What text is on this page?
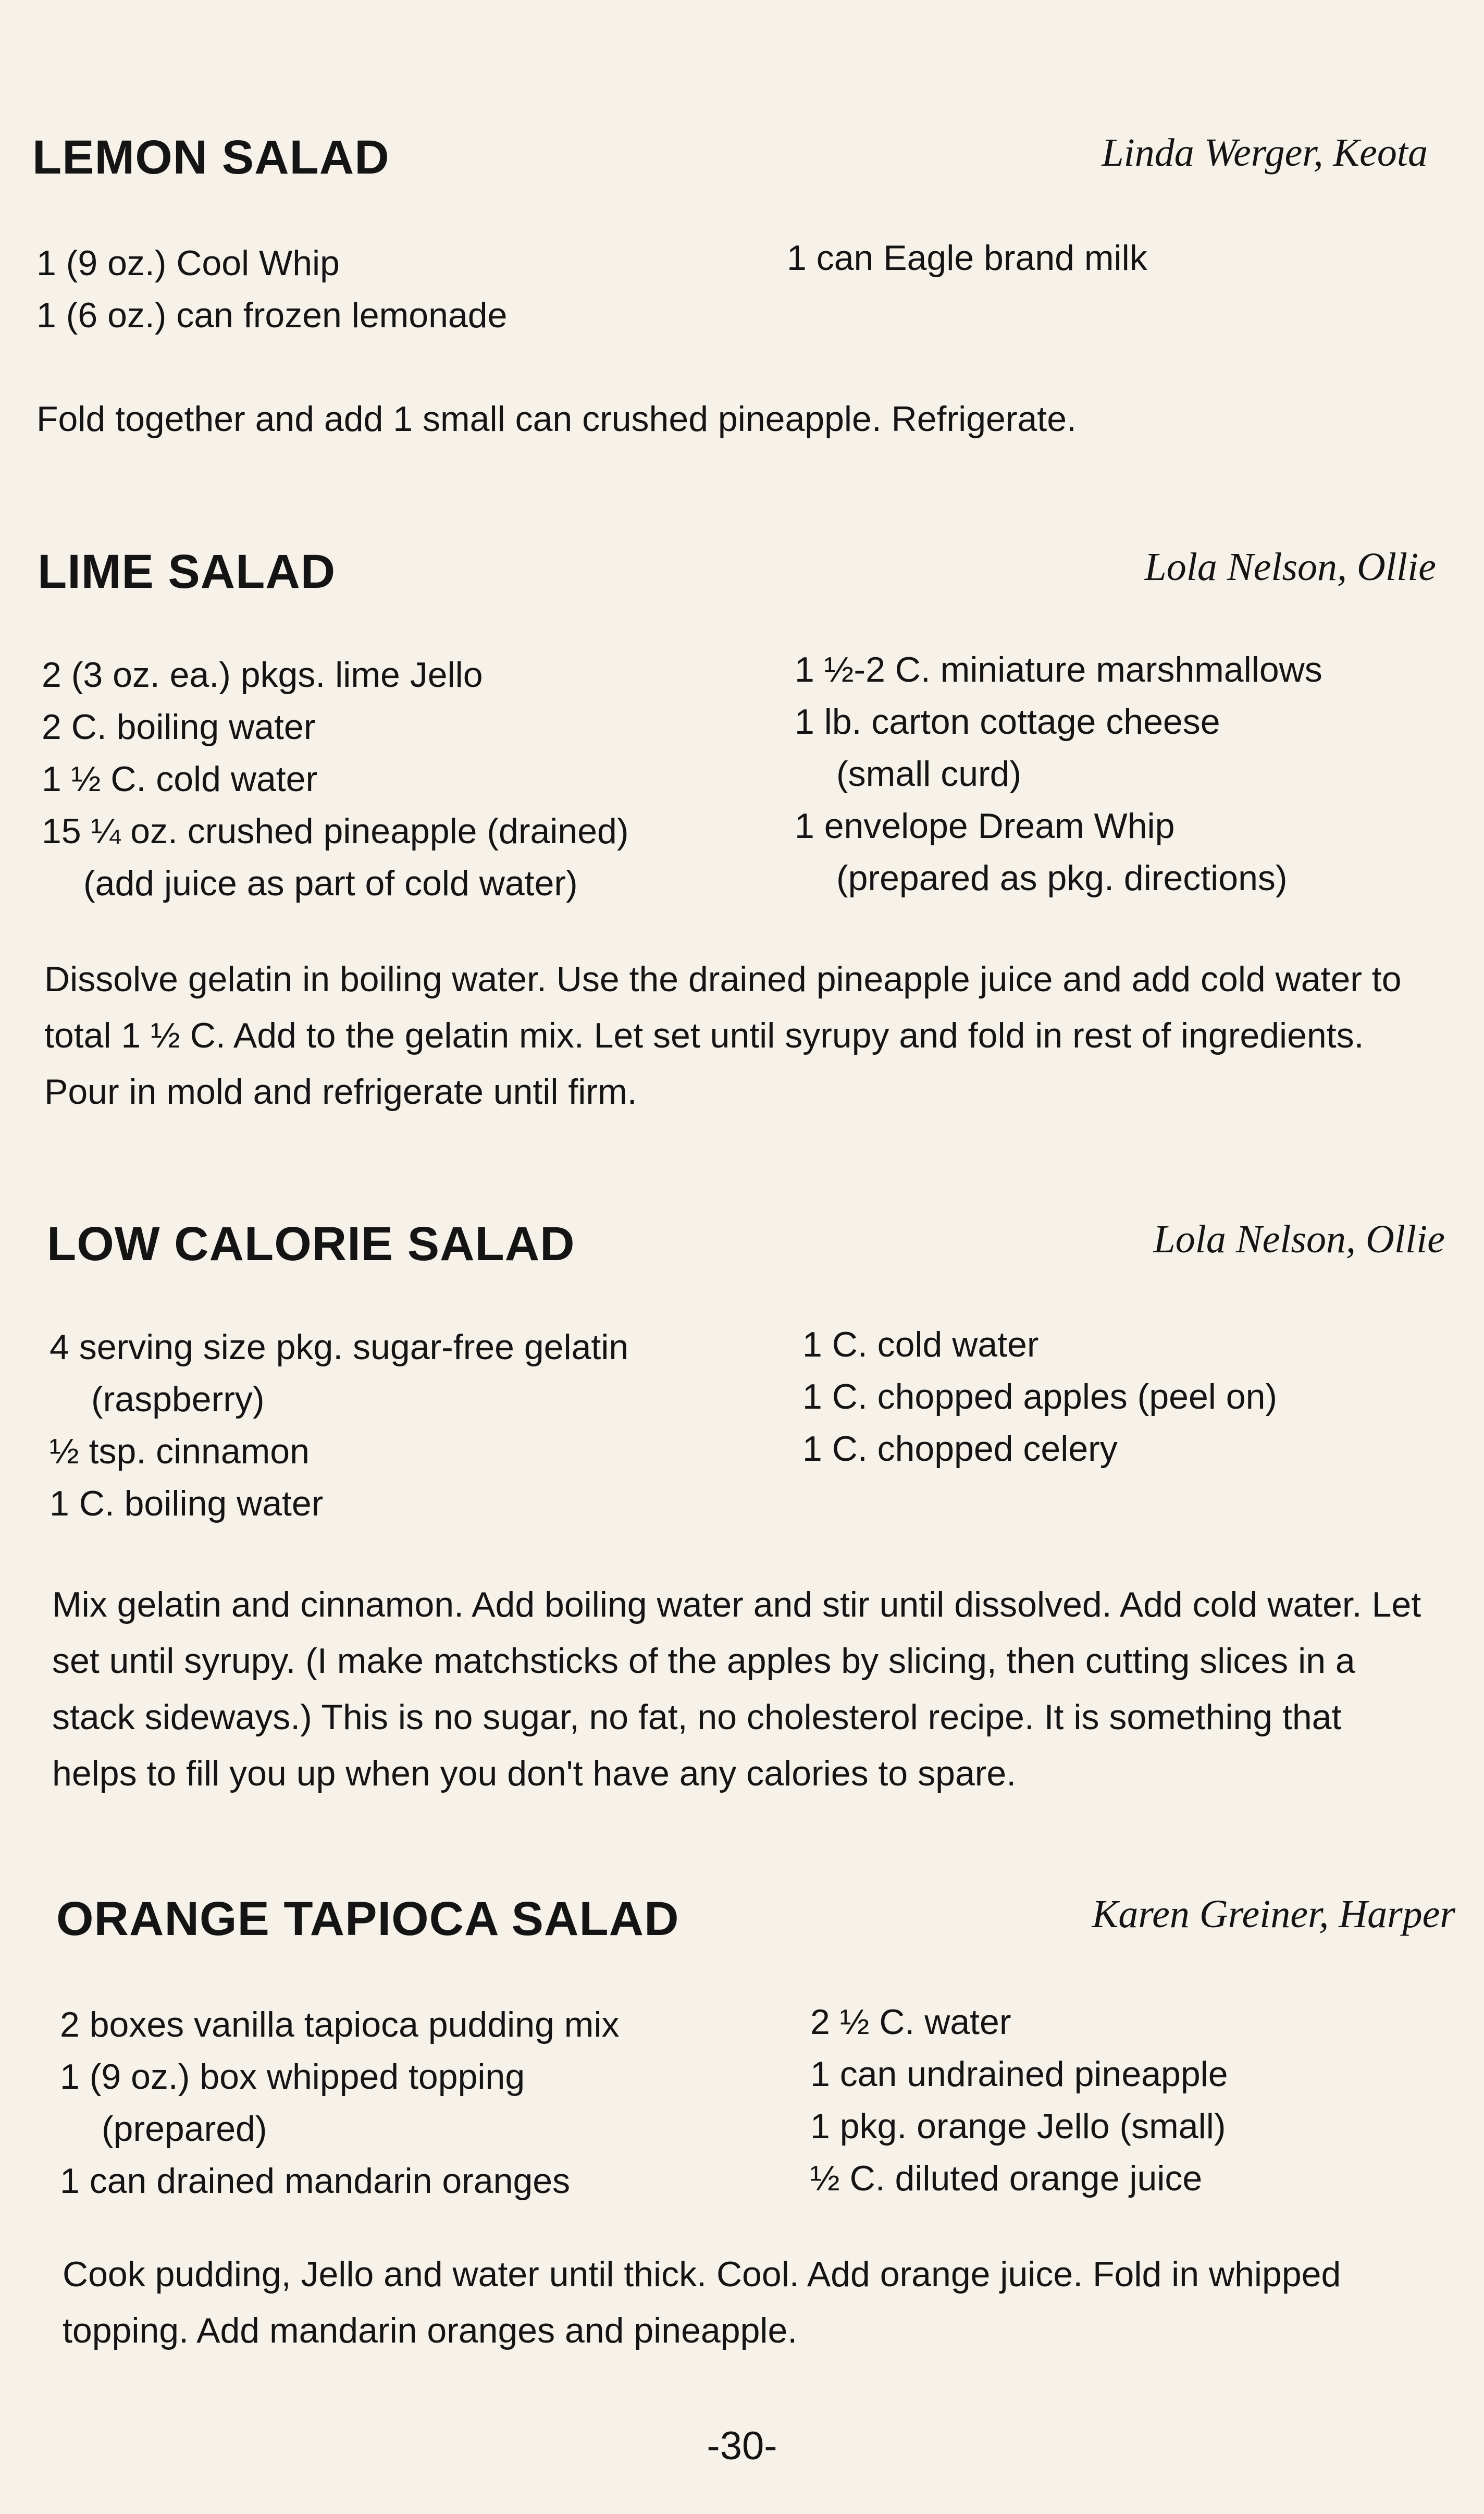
LEMON SALAD	Linda Werger, Keota

1 (9 oz.) Cool Whip

1 (6 oz.) can frozen lemonade

1 can Eagle brand milk

Fold together and add 1 small can crushed pineapple. Refrigerate.

LIME SALAD	Lola Nelson, Ollie

2 (3 oz. ea.) pkgs. lime Jello

2 C. boiling water

1 ½ C. cold water

15 ¼ oz. crushed pineapple (drained)

(add juice as part of cold water)

1 ½-2 C. miniature marshmallows

1 lb. carton cottage cheese

(small curd)

1 envelope Dream Whip

(prepared as pkg. directions)

Dissolve gelatin in boiling water. Use the drained pineapple juice and add cold water to total 1 ½ C. Add to the gelatin mix. Let set until syrupy and fold in rest of ingredients. Pour in mold and refrigerate until firm.

LOW CALORIE SALAD	Lola Nelson, Ollie

4 serving size pkg. sugar-free gelatin

(raspberry)

½ tsp. cinnamon

1 C. boiling water

1 C. cold water

1 C. chopped apples (peel on)

1 C. chopped celery

Mix gelatin and cinnamon. Add boiling water and stir until dissolved. Add cold water. Let set until syrupy. (I make matchsticks of the apples by slicing, then cutting slices in a stack sideways.) This is no sugar, no fat, no cholesterol recipe. It is something that helps to fill you up when you don't have any calories to spare.

ORANGE TAPIOCA SALAD	Karen Greiner, Harper

2 boxes vanilla tapioca pudding mix

1 (9 oz.) box whipped topping

(prepared)

1 can drained mandarin oranges

2 ½ C. water

1 can undrained pineapple

1 pkg. orange Jello (small)

½ C. diluted orange juice

Cook pudding, Jello and water until thick. Cool. Add orange juice. Fold in whipped topping. Add mandarin oranges and pineapple.

-30-
